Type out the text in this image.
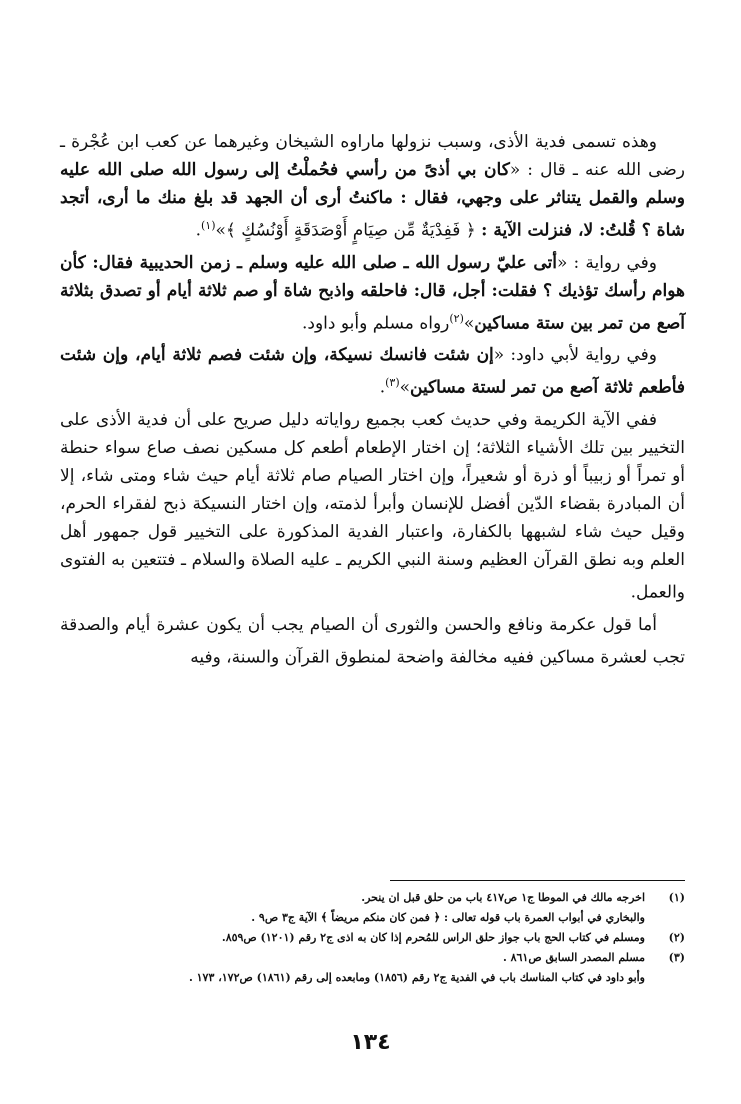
وهذه تسمى فدية الأذى، وسبب نزولها ماراوه الشيخان وغيرهما عن كعب ابن عُجْرة ـ رضى الله عنه ـ قال : «كان بي أذىً من رأسي فحُملْتُ إلى رسول الله صلى الله عليه وسلم والقمل يتناثر على وجهي، فقال : ماكنتُ أرى أن الجهد قد بلغ منك ما أرى، أتجد شاة ؟ قُلتُ: لا، فنزلت الآية : ﴿ فَفِدْيَةٌ مِّن صِيَامٍ أَوْصَدَقَةٍ أَوْنُسُكٍ ﴾»$^{(١)}$.

وفي رواية : «أتى عليّ رسول الله ـ صلى الله عليه وسلم ـ زمن الحديبية فقال: كأن هوام رأسك تؤذيك ؟ فقلت: أجل، قال: فاحلقه واذبح شاة أو صم ثلاثة أيام أو تصدق بثلاثة آصع من تمر بين ستة مساكين»$^{(٢)}$رواه مسلم وأبو داود.

وفي رواية لأبي داود: «إن شئت فانسك نسيكة، وإن شئت فصم ثلاثة أيام، وإن شئت فأطعم ثلاثة آصع من تمر لستة مساكين»$^{(٣)}$.

ففي الآية الكريمة وفي حديث كعب بجميع رواياته دليل صريح على أن فدية الأذى على التخيير بين تلك الأشياء الثلاثة؛ إن اختار الإطعام أطعم كل مسكين نصف صاع سواء حنطة أو تمراً أو زبيباً أو ذرة أو شعيراً، وإن اختار الصيام صام ثلاثة أيام حيث شاء ومتى شاء، إلا أن المبادرة بقضاء الدّين أفضل للإنسان وأبرأ لذمته، وإن اختار النسيكة ذبح لفقراء الحرم، وقيل حيث شاء لشبهها بالكفارة، واعتبار الفدية المذكورة على التخيير قول جمهور أهل العلم وبه نطق القرآن العظيم وسنة النبي الكريم ـ عليه الصلاة والسلام ـ فتتعين به الفتوى والعمل.

أما قول عكرمة ونافع والحسن والثورى أن الصيام يجب أن يكون عشرة أيام والصدقة تجب لعشرة مساكين ففيه مخالفة واضحة لمنطوق القرآن والسنة، وفيه

(١)
اخرجه مالك في الموطا ج١ ص٤١٧ باب من حلق قبل ان ينحر.
والبخاري في أبواب العمرة باب قوله تعالى : ﴿ فمن كان منكم مريضاً ﴾ الآية ج٣ ص٩ .
(٢)
ومسلم في كتاب الحج باب جواز حلق الراس للمُحرم إذا كان به اذى ج٢ رقم (١٢٠١) ص٨٥٩.
(٣)
مسلم المصدر السابق ص٨٦١ .
وأبو داود في كتاب المناسك باب في الفدية ج٢ رقم (١٨٥٦) ومابعده إلى رقم (١٨٦١) ص١٧٢، ١٧٣ .
١٣٤
